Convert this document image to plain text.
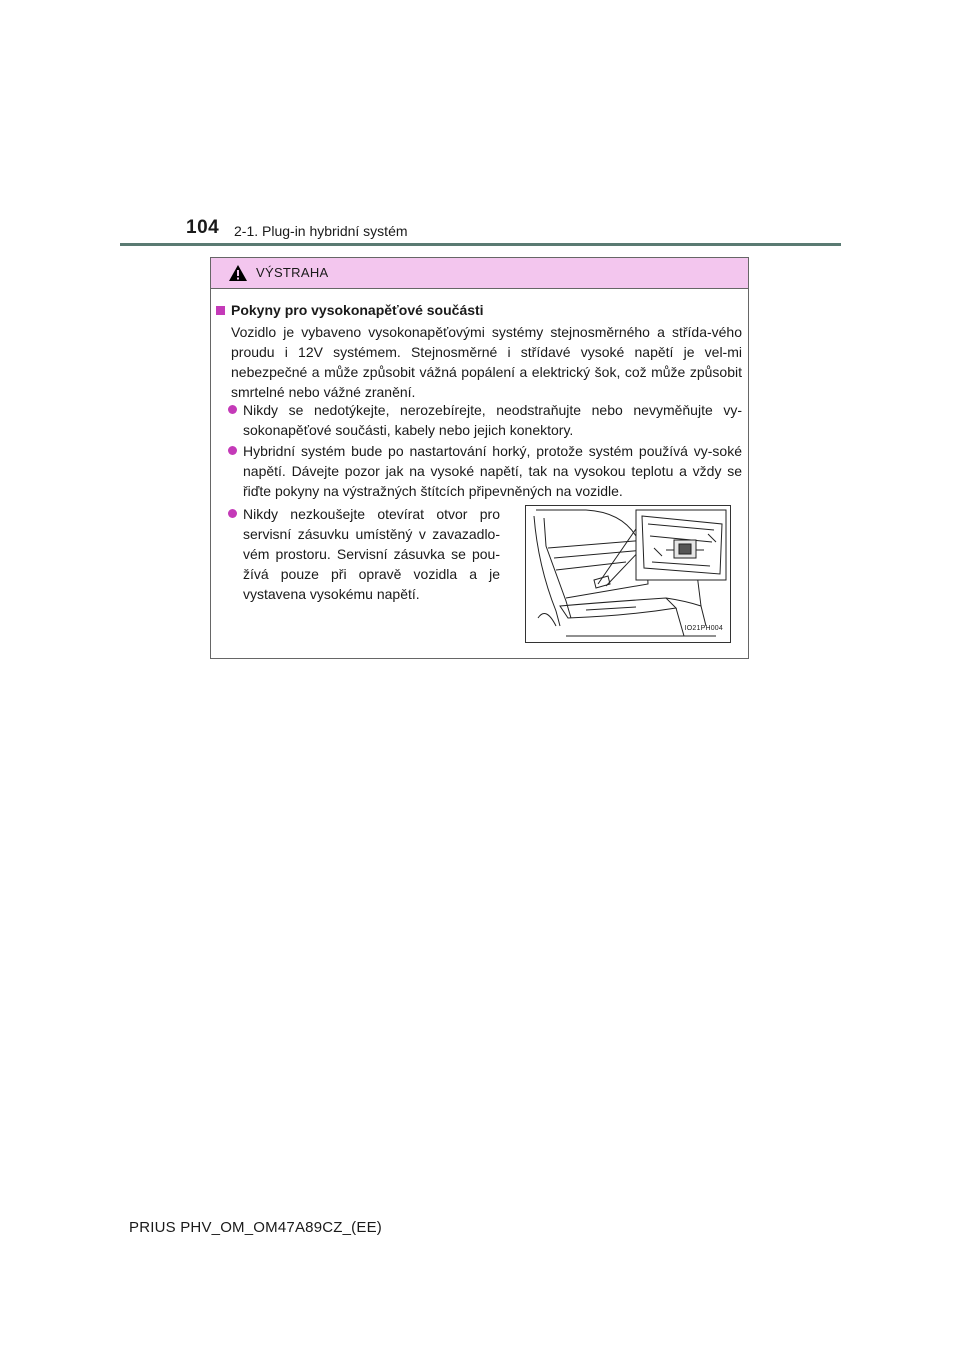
104 2-1. Plug-in hybridní systém
VÝSTRAHA
Pokyny pro vysokonapěťové součásti
Vozidlo je vybaveno vysokonapěťovými systémy stejnosměrného a střída-vého proudu i 12V systémem. Stejnosměrné i střídavé vysoké napětí je vel-mi nebezpečné a může způsobit vážná popálení a elektrický šok, což může způsobit smrtelné nebo vážné zranění.
Nikdy se nedotýkejte, nerozebírejte, neodstraňujte nebo nevyměňujte vy-sokonapěťové součásti, kabely nebo jejich konektory.
Hybridní systém bude po nastartování horký, protože systém používá vy-soké napětí. Dávejte pozor jak na vysoké napětí, tak na vysokou teplotu a vždy se řiďte pokyny na výstražných štítcích připevněných na vozidle.
Nikdy nezkoušejte otevírat otvor pro servisní zásuvku umístěný v zavazadlo-vém prostoru. Servisní zásuvka se pou-žívá pouze při opravě vozidla a je vystavena vysokému napětí.
IO21PH004
PRIUS PHV_OM_OM47A89CZ_(EE)
